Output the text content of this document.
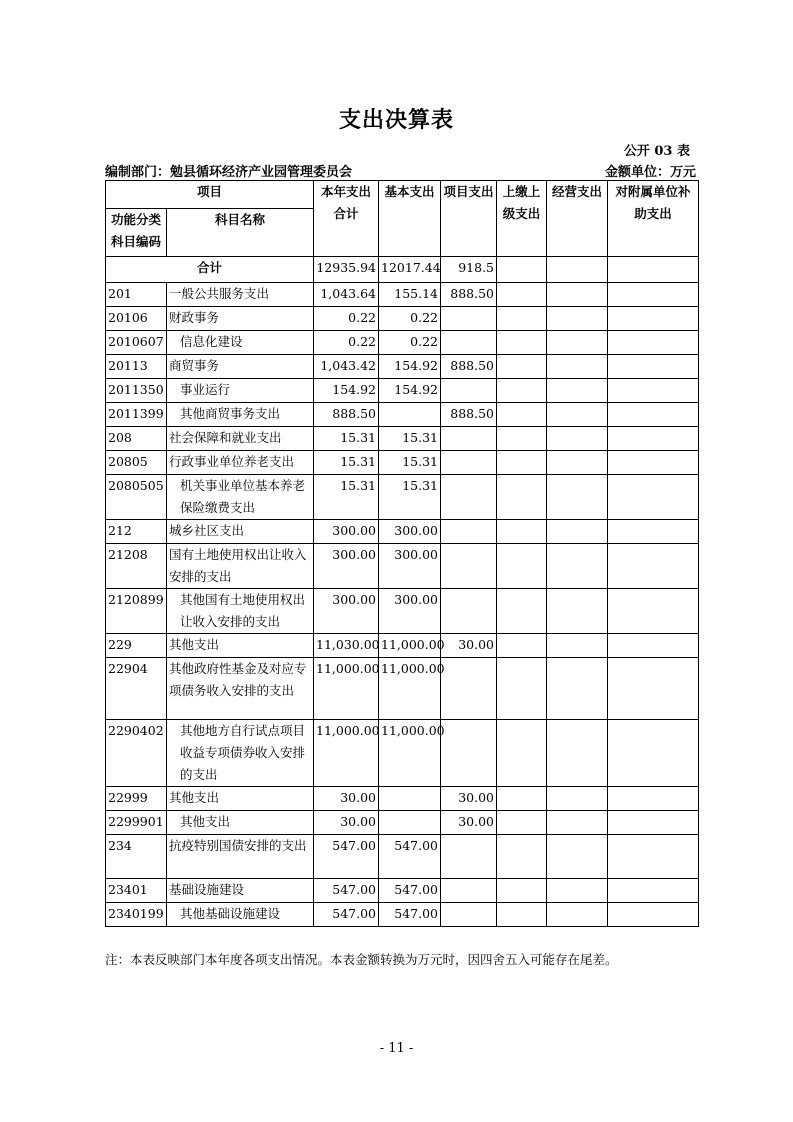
支出决算表
公开 03 表
编制部门：勉县循环经济产业园管理委员会	金额单位：万元
项目		本年支出合计	基本支出	项目支出	上缴上级支出	经营支出	对附属单位补助支出
功能分类科目编码	科目名称						
合计		12935.94	12017.44	918.5			
201	一般公共服务支出	1,043.64	155.14	888.50			
20106	财政事务	0.22	0.22				
2010607	信息化建设	0.22	0.22				
20113	商贸事务	1,043.42	154.92	888.50			
2011350	事业运行	154.92	154.92				
2011399	其他商贸事务支出	888.50		888.50			
208	社会保障和就业支出	15.31	15.31				
20805	行政事业单位养老支出	15.31	15.31				
2080505	机关事业单位基本养老保险缴费支出	15.31	15.31				
212	城乡社区支出	300.00	300.00				
21208	国有土地使用权出让收入安排的支出	300.00	300.00				
2120899	其他国有土地使用权出让收入安排的支出	300.00	300.00				
229	其他支出	11,030.00	11,000.00	30.00			
22904	其他政府性基金及对应专项债务收入安排的支出	11,000.00	11,000.00				
2290402	其他地方自行试点项目收益专项债券收入安排的支出	11,000.00	11,000.00				
22999	其他支出	30.00		30.00			
2299901	其他支出	30.00		30.00			
234	抗疫特别国债安排的支出	547.00	547.00				
23401	基础设施建设	547.00	547.00				
2340199	其他基础设施建设	547.00	547.00				
注：本表反映部门本年度各项支出情况。本表金额转换为万元时，因四舍五入可能存在尾差。
- 11 -
